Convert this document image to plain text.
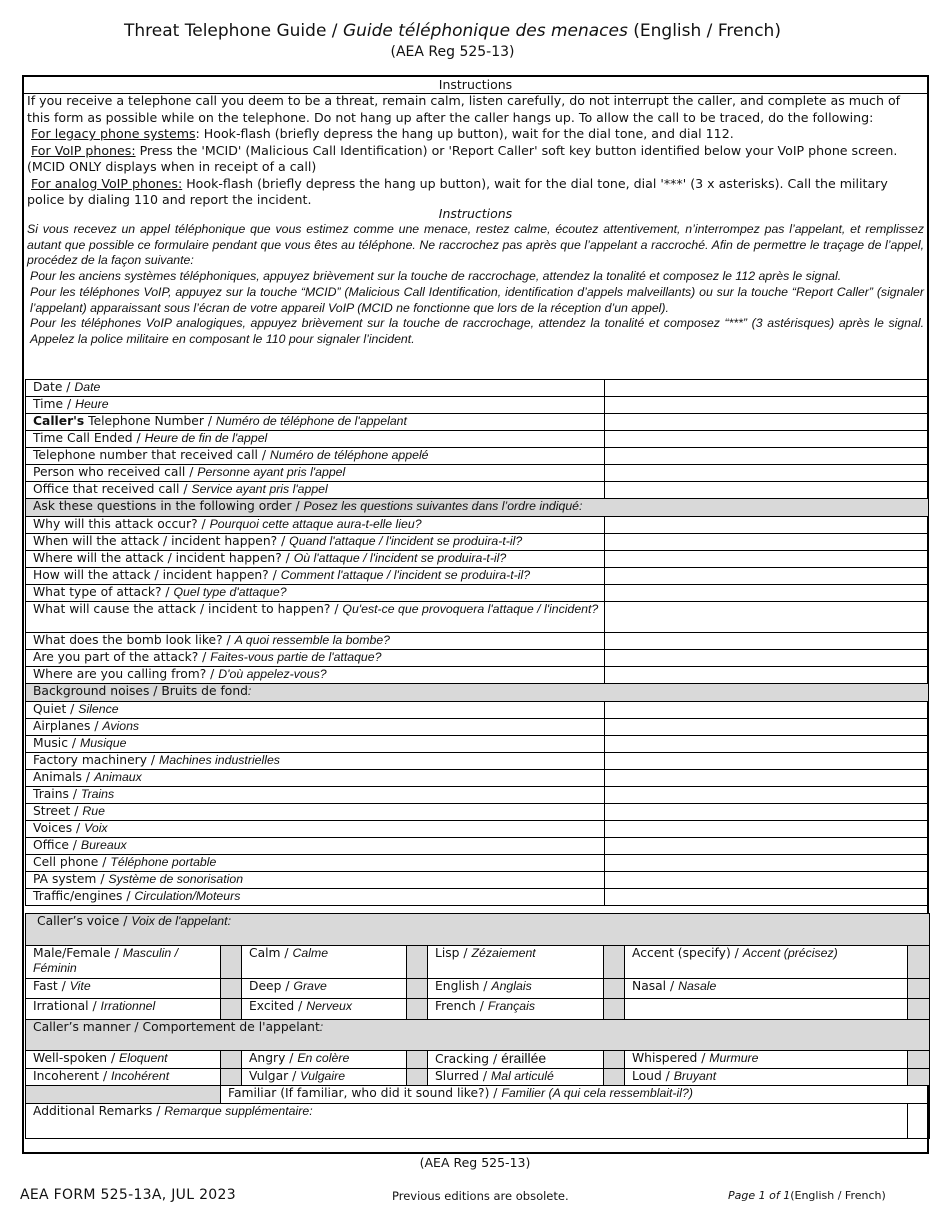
Threat Telephone Guide / Guide téléphonique des menaces (English / French)
(AEA Reg 525-13)
Instructions
If you receive a telephone call you deem to be a threat, remain calm, listen carefully, do not interrupt the caller, and complete as much of this form as possible while on the telephone. Do not hang up after the caller hangs up. To allow the call to be traced, do the following:
For legacy phone systems: Hook-flash (briefly depress the hang up button), wait for the dial tone, and dial 112.
For VoIP phones: Press the 'MCID' (Malicious Call Identification) or 'Report Caller' soft key button identified below your VoIP phone screen. (MCID ONLY displays when in receipt of a call)
For analog VoIP phones: Hook-flash (briefly depress the hang up button), wait for the dial tone, dial '***' (3 x asterisks). Call the military police by dialing 110 and report the incident.
Instructions
Si vous recevez un appel téléphonique que vous estimez comme une menace, restez calme, écoutez attentivement, n’interrompez pas l’appelant, et remplissez autant que possible ce formulaire pendant que vous êtes au téléphone. Ne raccrochez pas après que l’appelant a raccroché. Afin de permettre le traçage de l’appel, procédez de la façon suivante:
Pour les anciens systèmes téléphoniques, appuyez brièvement sur la touche de raccrochage, attendez la tonalité et composez le 112 après le signal.
Pour les téléphones VoIP, appuyez sur la touche “MCID” (Malicious Call Identification, identification d’appels malveillants) ou sur la touche “Report Caller” (signaler l’appelant) apparaissant sous l’écran de votre appareil VoIP (MCID ne fonctionne que lors de la réception d’un appel).
Pour les téléphones VoIP analogiques, appuyez brièvement sur la touche de raccrochage, attendez la tonalité et composez “***” (3 astérisques) après le signal. Appelez la police militaire en composant le 110 pour signaler l’incident.
Date / Date	
Time / Heure	
Caller's Telephone Number / Numéro de téléphone de l'appelant	
Time Call Ended / Heure de fin de l'appel	
Telephone number that received call / Numéro de téléphone appelé	
Person who received call / Personne ayant pris l'appel	
Office that received call / Service ayant pris l'appel	
Ask these questions in the following order / Posez les questions suivantes dans l’ordre indiqué:	
Why will this attack occur? / Pourquoi cette attaque aura-t-elle lieu?	
When will the attack / incident happen? / Quand l'attaque / l'incident se produira-t-il?	
Where will the attack / incident happen? / Où l'attaque / l'incident se produira-t-il?	
How will the attack / incident happen? / Comment l'attaque / l'incident se produira-t-il?	
What type of attack? / Quel type d'attaque?	
What will cause the attack / incident to happen? / Qu'est-ce que provoquera l'attaque / l'incident?	
What does the bomb look like? / A quoi ressemble la bombe?	
Are you part of the attack? / Faites-vous partie de l'attaque?	
Where are you calling from? / D'où appelez-vous?	
Background noises / Bruits de fond:	
Quiet / Silence	
Airplanes / Avions	
Music / Musique	
Factory machinery / Machines industrielles	
Animals / Animaux	
Trains / Trains	
Street / Rue	
Voices / Voix	
Office / Bureaux	
Cell phone / Téléphone portable	
PA system / Système de sonorisation	
Traffic/engines / Circulation/Moteurs	
Caller’s voice / Voix de l'appelant:							
Male/Female / Masculin / Féminin		Calm / Calme		Lisp / Zézaiement		Accent (specify) / Accent (précisez)	
Fast / Vite		Deep / Grave		English / Anglais		Nasal / Nasale	
Irrational / Irrationnel		Excited / Nerveux		French / Français			
Caller’s manner / Comportement de l'appelant:							
Well-spoken / Eloquent		Angry / En colère		Cracking / éraillée		Whispered / Murmure	
Incoherent / Incohérent		Vulgar / Vulgaire		Slurred / Mal articulé		Loud / Bruyant	
	Familiar (If familiar, who did it sound like?) / Familier (A qui cela ressemblait-il?)						
Additional Remarks / Remarque supplémentaire:							
(AEA Reg 525-13)
AEA FORM 525-13A, JUL 2023	Previous editions are obsolete.	Page 1 of 1(English / French)
